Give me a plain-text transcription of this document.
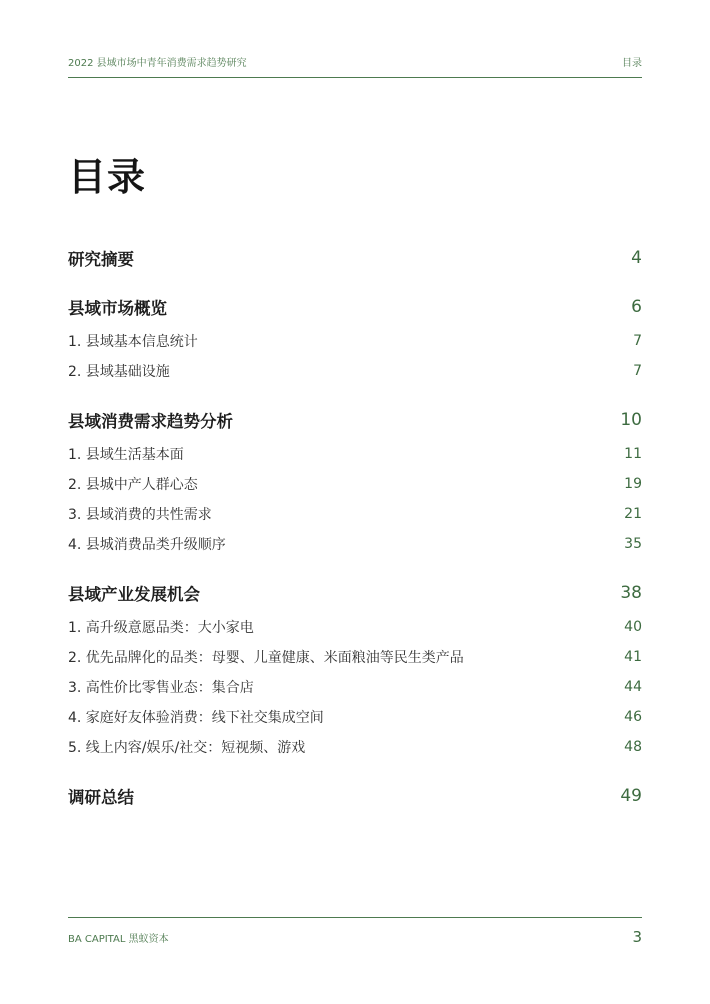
2022 县域市场中青年消费需求趋势研究	目录
目录
研究摘要	4
县域市场概览	6
1. 县域基本信息统计	7
2. 县域基础设施	7
县域消费需求趋势分析	10
1. 县域生活基本面	11
2. 县城中产人群心态	19
3. 县域消费的共性需求	21
4. 县城消费品类升级顺序	35
县域产业发展机会	38
1. 高升级意愿品类：大小家电	40
2. 优先品牌化的品类：母婴、儿童健康、米面粮油等民生类产品	41
3. 高性价比零售业态：集合店	44
4. 家庭好友体验消费：线下社交集成空间	46
5. 线上内容/娱乐/社交：短视频、游戏	48
调研总结	49
BA CAPITAL 黑蚁资本	3
